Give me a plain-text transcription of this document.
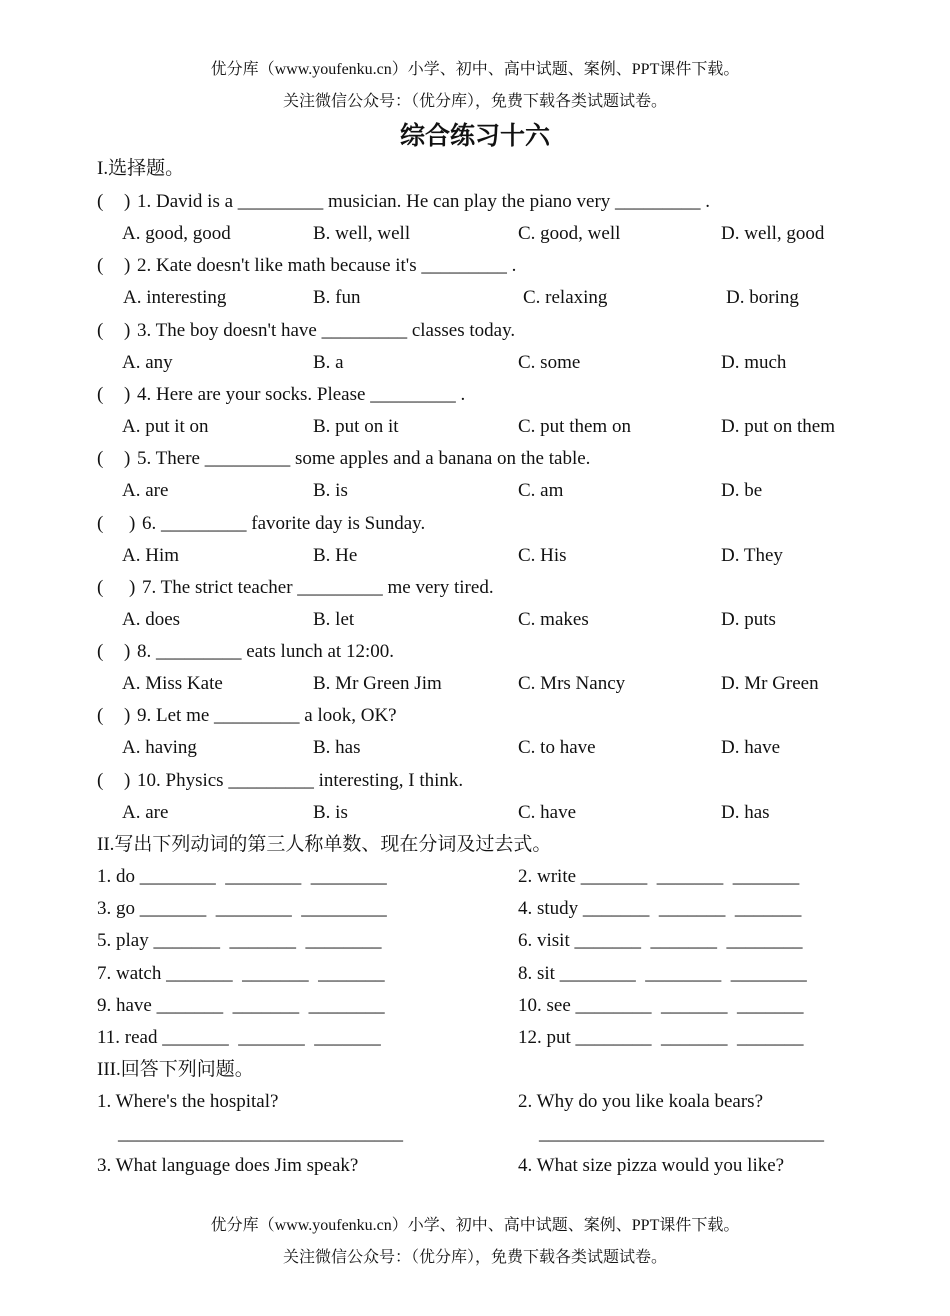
优分库（www.youfenku.cn）小学、初中、高中试题、案例、PPT课件下载。
关注微信公众号：（优分库），免费下载各类试题试卷。
综合练习十六
I.选择题。
( ) 1. David is a _________ musician. He can play the piano very _________ .
A. good, good	B. well, well	C. good, well	D. well, good
( ) 2. Kate doesn't like math because it's _________ .
A. interesting	B. fun	C. relaxing	D. boring
( ) 3. The boy doesn't have _________ classes today.
A. any	B. a	C. some	D. much
( ) 4. Here are your socks. Please _________ .
A. put it on	B. put on it	C. put them on	D. put on them
( ) 5. There _________ some apples and a banana on the table.
A. are	B. is	C. am	D. be
( ) 6. _________ favorite day is Sunday.
A. Him	B. He	C. His	D. They
( ) 7. The strict teacher _________ me very tired.
A. does	B. let	C. makes	D. puts
( ) 8. _________ eats lunch at 12:00.
A. Miss Kate	B. Mr Green Jim	C. Mrs Nancy	D. Mr Green
( ) 9. Let me _________ a look, OK?
A. having	B. has	C. to have	D. have
( ) 10. Physics _________ interesting, I think.
A. are	B. is	C. have	D. has
II.写出下列动词的第三人称单数、现在分词及过去式。
1. do ________  ________  ________	2. write _______  _______  _______
3. go _______  ________  _________	4. study _______  _______  _______
5. play _______  _______  ________	6. visit _______  _______  ________
7. watch _______  _______  _______	8. sit ________  ________  ________
9. have _______  _______  ________	10. see ________  _______  _______
11. read _______  _______  _______	12. put ________  _______  _______
III.回答下列问题。
1. Where's the hospital?	2. Why do you like koala bears?
______________________________	______________________________
3. What language does Jim speak?	4. What size pizza would you like?
优分库（www.youfenku.cn）小学、初中、高中试题、案例、PPT课件下载。
关注微信公众号：（优分库），免费下载各类试题试卷。
